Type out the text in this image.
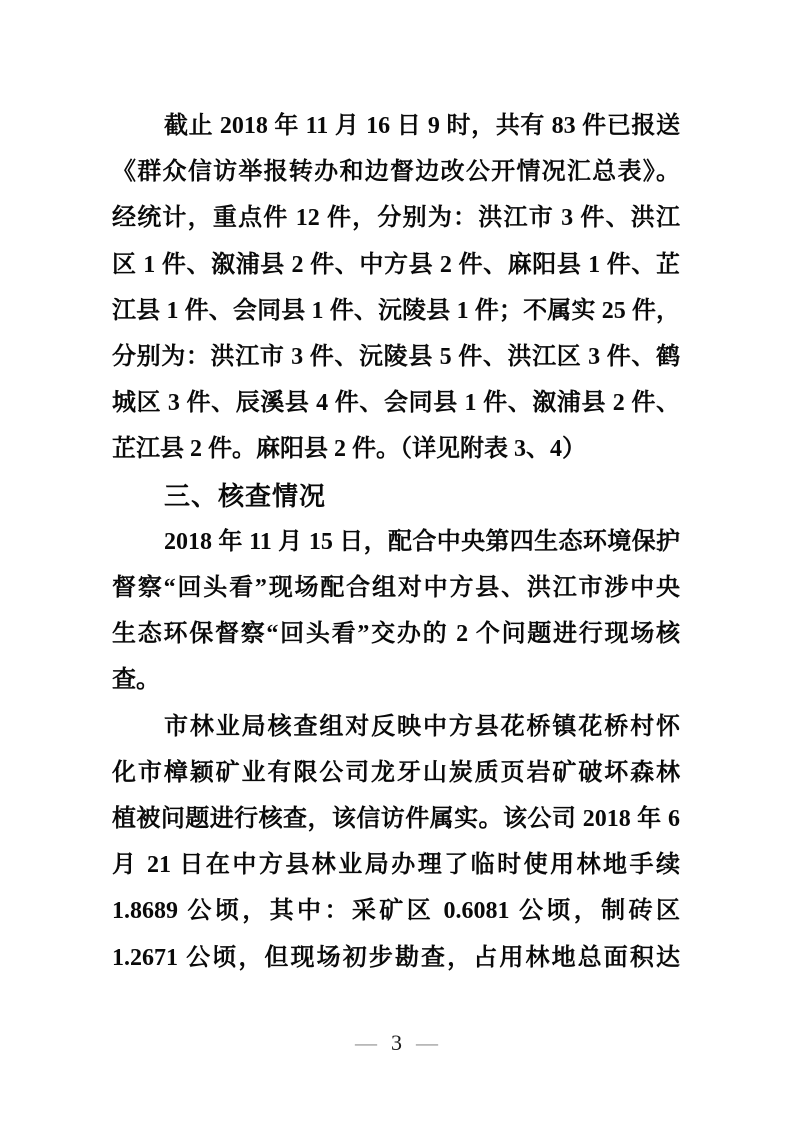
截止 2018 年 11 月 16 日 9 时，共有 83 件已报送
《群众信访举报转办和边督边改公开情况汇总表》。
经统计，重点件 12 件，分别为：洪江市 3 件、洪江
区 1 件、溆浦县 2 件、中方县 2 件、麻阳县 1 件、芷
江县 1 件、会同县 1 件、沅陵县 1 件；不属实 25 件，
分别为：洪江市 3 件、沅陵县 5 件、洪江区 3 件、鹤
城区 3 件、辰溪县 4 件、会同县 1 件、溆浦县 2 件、
芷江县 2 件。麻阳县 2 件。（详见附表 3、4）
三、核查情况
2018 年 11 月 15 日，配合中央第四生态环境保护
督察“回头看”现场配合组对中方县、洪江市涉中央
生态环保督察“回头看”交办的 2 个问题进行现场核
查。
市林业局核查组对反映中方县花桥镇花桥村怀
化市樟颖矿业有限公司龙牙山炭质页岩矿破坏森林
植被问题进行核查，该信访件属实。该公司 2018 年 6
月 21 日在中方县林业局办理了临时使用林地手续
1.8689 公顷，其中：采矿区 0.6081 公顷，制砖区
1.2671 公顷，但现场初步勘查，占用林地总面积达
— 3 —
